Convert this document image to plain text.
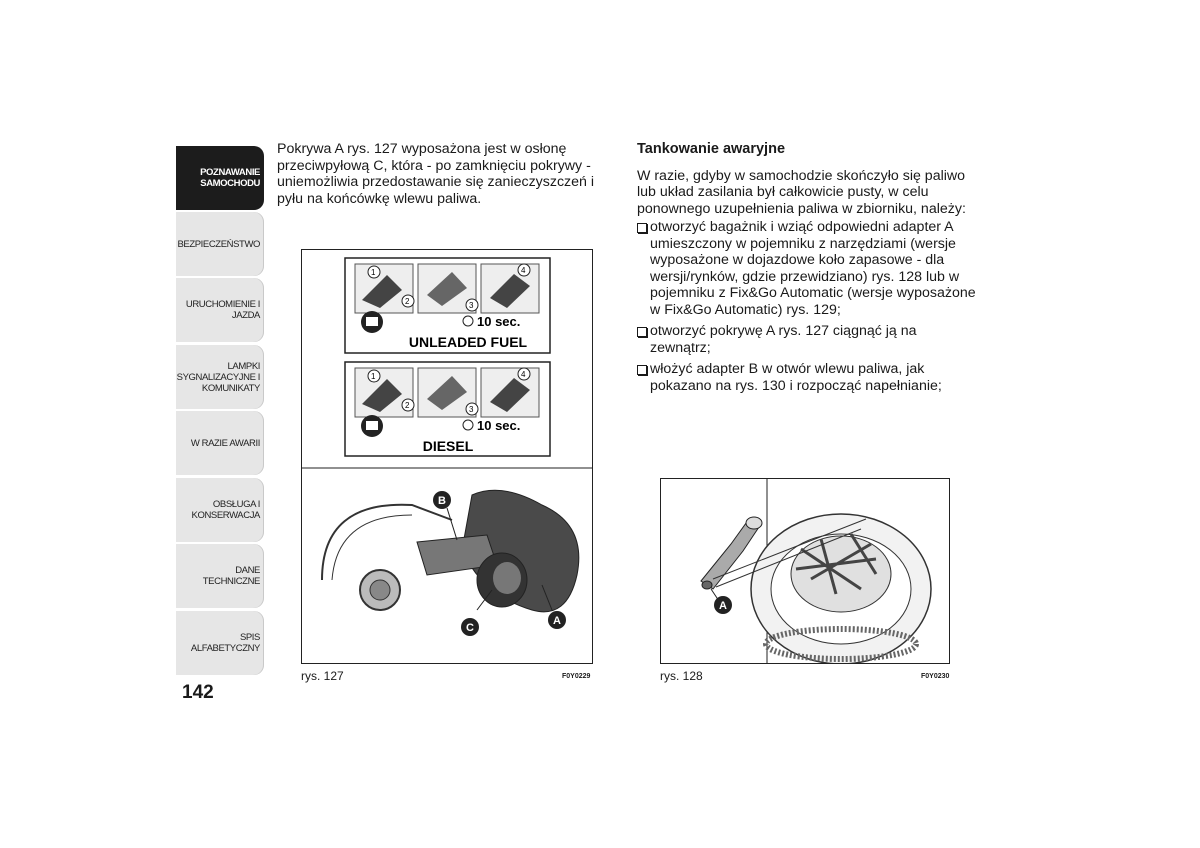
POZNAWANIE SAMOCHODU
BEZPIECZEŃSTWO
URUCHOMIENIE I JAZDA
LAMPKI SYGNALIZACYJNE I KOMUNIKATY
W RAZIE AWARII
OBSŁUGA I KONSERWACJA
DANE TECHNICZNE
SPIS ALFABETYCZNY
142

Pokrywa A rys. 127 wyposażona jest w osłonę przeciwpyłową C, która - po zamknięciu pokrywy - uniemożliwia przedostawanie się zanieczyszczeń i pyłu na końcówkę wlewu paliwa.

Tankowanie awaryjne

W razie, gdyby w samochodzie skończyło się paliwo lub układ zasilania był całkowicie pusty, w celu ponownego uzupełnienia paliwa w zbiorniku, należy:

otworzyć bagażnik i wziąć odpowiedni adapter A umieszczony w pojemniku z narzędziami (wersje wyposażone w dojazdowe koło zapasowe - dla wersji/rynków, gdzie przewidziano) rys. 128 lub w pojemniku z Fix&Go Automatic (wersje wyposażone w Fix&Go Automatic) rys. 129;
otworzyć pokrywę A rys. 127 ciągnąć ją na zewnątrz;
włożyć adapter B w otwór wlewu paliwa, jak pokazano na rys. 130 i rozpocząć napełnianie;
1
2	3
4
10 sec.
UNLEADED FUEL
1
2	3
4
10 sec.
DIESEL
B
C
A
rys. 127	F0Y0229
A
rys. 128	F0Y0230
